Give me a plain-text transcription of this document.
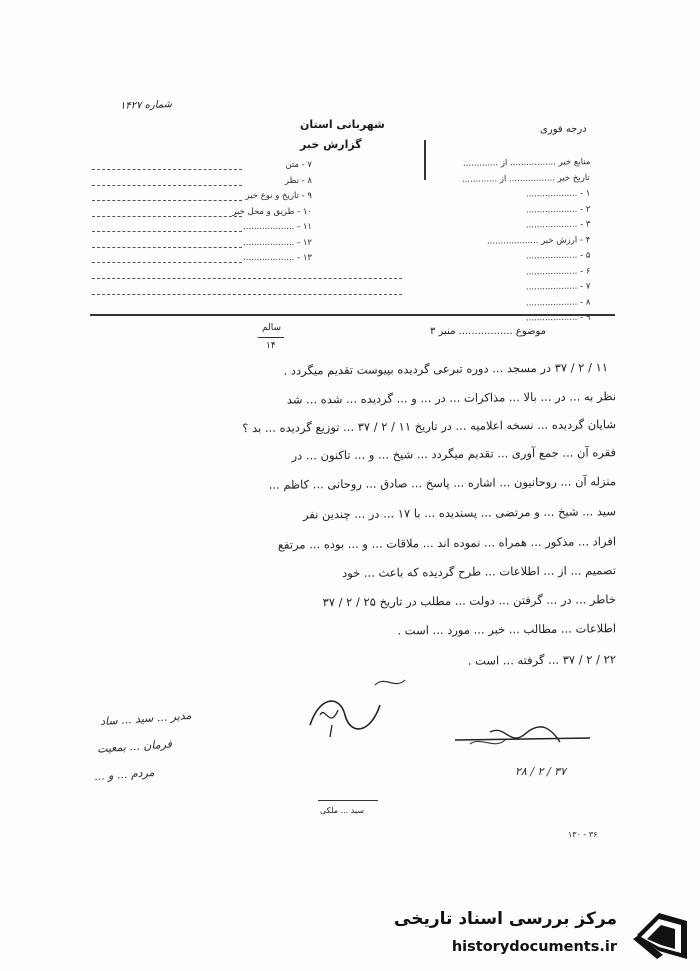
شماره ۱۴۲۷
درجه فوری
شهربانی استان
گزارش خبر
منابع خبر ................. از .............
تاریخ خبر ................. از .............
۱ - ...................
۲ - ...................
۳ - ...................
۴ - ارزش خبر ...................
۵ - ...................
۶ - ...................
۷ - ...................
۸ - ...................
۹ - ...................
۷ - متن
۸ - نظر
۹ - تاریخ و نوع خبر
۱۰ - طریق و محل خبر
۱۱ - ...................
۱۲ - ...................
۱۳ - ...................
موضوع ................. منبر ۳
سالم
۱۴
۱۱ / ۲ / ۳۷ در مسجد ... دوره تبرعی گردیده بپیوست تقدیم میگردد .
نظر به ... در ... بالا ... مذاکرات ... در ... و ... گردیده ... شده ... شد
شایان گردیده ... نسخه اعلامیه ... در تاریخ ۱۱ / ۲ / ۳۷ ... توزیع گردیده ... بد ؟
فقره آن ... جمع آوری ... تقدیم میگردد ... شیخ ... و ... تاکنون ... در
منزله آن ... روحانیون ... اشاره ... پاسخ ... صادق ... روحانی ... کاظم ...
سید ... شیخ ... و مرتضی ... پسندیده ... با ۱۷ ... در ... چندین نفر
افراد ... مذکور ... همراه ... نموده اند ... ملاقات ... و ... بوده ... مرتفع
تصمیم ... از ... اطلاعات ... طرح گردیده که باعث ... خود
خاطر ... در ... گرفتن ... دولت ... مطلب در تاریخ ۲۵ / ۲ / ۳۷
اطلاعات ... مطالب ... خبر ... مورد ... است .
۲۲ / ۲ / ۳۷ ... گرفته ... است .
مدیر ... سید ... ساد
فرمان ... بمعیت
مردم ... و ...	۳۷ / ۲ / ۲۸
سید ... ملکی
۳۶ - ۱۳۰
مرکز بررسی اسناد تاریخی
historydocuments.ir
